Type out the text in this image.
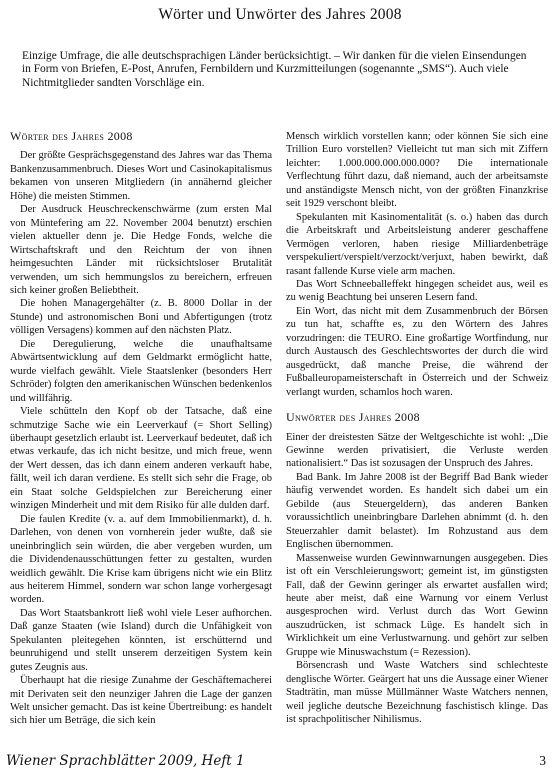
Wörter und Unwörter des Jahres 2008

Einzige Umfrage, die alle deutschsprachigen Länder berücksichtigt. – Wir danken für die vielen Einsendungen in Form von Briefen, E-Post, Anrufen, Fernbildern und Kurzmitteilungen (sogenannte „SMS“). Auch viele Nichtmitglieder sandten Vorschläge ein.

Wörter des Jahres 2008

Der größte Gesprächsgegenstand des Jahres war das Thema Bankenzusammenbruch. Dieses Wort und Casinokapitalismus bekamen von unseren Mitgliedern (in annähernd gleicher Höhe) die meisten Stimmen.

Der Ausdruck Heuschreckenschwärme (zum ersten Mal von Müntefering am 22. November 2004 benutzt) erschien vielen aktueller denn je. Die Hedge Fonds, welche die Wirtschaftskraft und den Reichtum der von ihnen heimgesuchten Länder mit rücksichtsloser Brutalität verwenden, um sich hemmungslos zu bereichern, erfreuen sich keiner großen Beliebtheit.

Die hohen Managergehälter (z. B. 8000 Dollar in der Stunde) und astronomischen Boni und Abfertigungen (trotz völligen Versagens) kommen auf den nächsten Platz.

Die Deregulierung, welche die unaufhaltsame Abwärtsentwicklung auf dem Geldmarkt ermöglicht hatte, wurde vielfach gewählt. Viele Staatslenker (besonders Herr Schröder) folgten den amerikanischen Wünschen bedenkenlos und willfährig.

Viele schütteln den Kopf ob der Tatsache, daß eine schmutzige Sache wie ein Leerverkauf (= Short Selling) überhaupt gesetzlich erlaubt ist. Leerverkauf bedeutet, daß ich etwas verkaufe, das ich nicht besitze, und mich freue, wenn der Wert dessen, das ich dann einem anderen verkauft habe, fällt, weil ich daran verdiene. Es stellt sich sehr die Frage, ob ein Staat solche Geldspielchen zur Bereicherung einer winzigen Minderheit und mit dem Risiko für alle dulden darf.

Die faulen Kredite (v. a. auf dem Immobilienmarkt), d. h. Darlehen, von denen von vornherein jeder wußte, daß sie uneinbringlich sein würden, die aber vergeben wurden, um die Dividendenausschüttungen fetter zu gestalten, wurden weidlich gewählt. Die Krise kam übrigens nicht wie ein Blitz aus heiterem Himmel, sondern war schon lange vorhergesagt worden.

Das Wort Staatsbankrott ließ wohl viele Leser aufhorchen. Daß ganze Staaten (wie Island) durch die Unfähigkeit von Spekulanten pleitegehen könnten, ist erschütternd und beunruhigend und stellt unserem derzeitigen System kein gutes Zeugnis aus.

Überhaupt hat die riesige Zunahme der Geschäftemacherei mit Derivaten seit den neunziger Jahren die Lage der ganzen Welt unsicher gemacht. Das ist keine Übertreibung: es handelt sich hier um Beträge, die sich kein

Mensch wirklich vorstellen kann; oder können Sie sich eine Trillion Euro vorstellen? Vielleicht tut man sich mit Ziffern leichter: 1.000.000.000.000.000? Die internationale Verflechtung führt dazu, daß niemand, auch der arbeitsamste und anständigste Mensch nicht, von der größten Finanzkrise seit 1929 verschont bleibt.

Spekulanten mit Kasinomentalität (s. o.) haben das durch die Arbeitskraft und Arbeitsleistung anderer geschaffene Vermögen verloren, haben riesige Milliardenbeträge verspekuliert/verspielt/verzockt/verjuxt, haben bewirkt, daß rasant fallende Kurse viele arm machen.

Das Wort Schneeballeffekt hingegen scheidet aus, weil es zu wenig Beachtung bei unseren Lesern fand.

Ein Wort, das nicht mit dem Zusammenbruch der Börsen zu tun hat, schaffte es, zu den Wörtern des Jahres vorzudringen: die TEURO. Eine großartige Wortfindung, nur durch Austausch des Geschlechtswortes der durch die wird ausgedrückt, daß manche Preise, die während der Fußballeuropameisterschaft in Österreich und der Schweiz verlangt wurden, schamlos hoch waren.

Unwörter des Jahres 2008

Einer der dreistesten Sätze der Weltgeschichte ist wohl: „Die Gewinne werden privatisiert, die Verluste werden nationalisiert.“ Das ist sozusagen der Unspruch des Jahres.

Bad Bank. Im Jahre 2008 ist der Begriff Bad Bank wieder häufig verwendet worden. Es handelt sich dabei um ein Gebilde (aus Steuergeldern), das anderen Banken voraussichtlich uneinbringbare Darlehen abnimmt (d. h. den Steuerzahler damit belastet). Im Rohzustand aus dem Englischen übernommen.

Massenweise wurden Gewinnwarnungen ausgegeben. Dies ist oft ein Verschleierungswort; gemeint ist, im günstigsten Fall, daß der Gewinn geringer als erwartet ausfallen wird; heute aber meist, daß eine Warnung vor einem Verlust ausgesprochen wird. Verlust durch das Wort Gewinn auszudrücken, ist schmack Lüge. Es handelt sich in Wirklichkeit um eine Verlustwarnung. und gehört zur selben Gruppe wie Minuswachstum (= Rezession).

Börsencrash und Waste Watchers sind schlechteste denglische Wörter. Geärgert hat uns die Aussage einer Wiener Stadträtin, man müsse Müllmänner Waste Watchers nennen, weil jegliche deutsche Bezeichnung faschistisch klinge. Das ist sprachpolitischer Nihilismus.

Wiener Sprachblätter 2009, Heft 1	3
